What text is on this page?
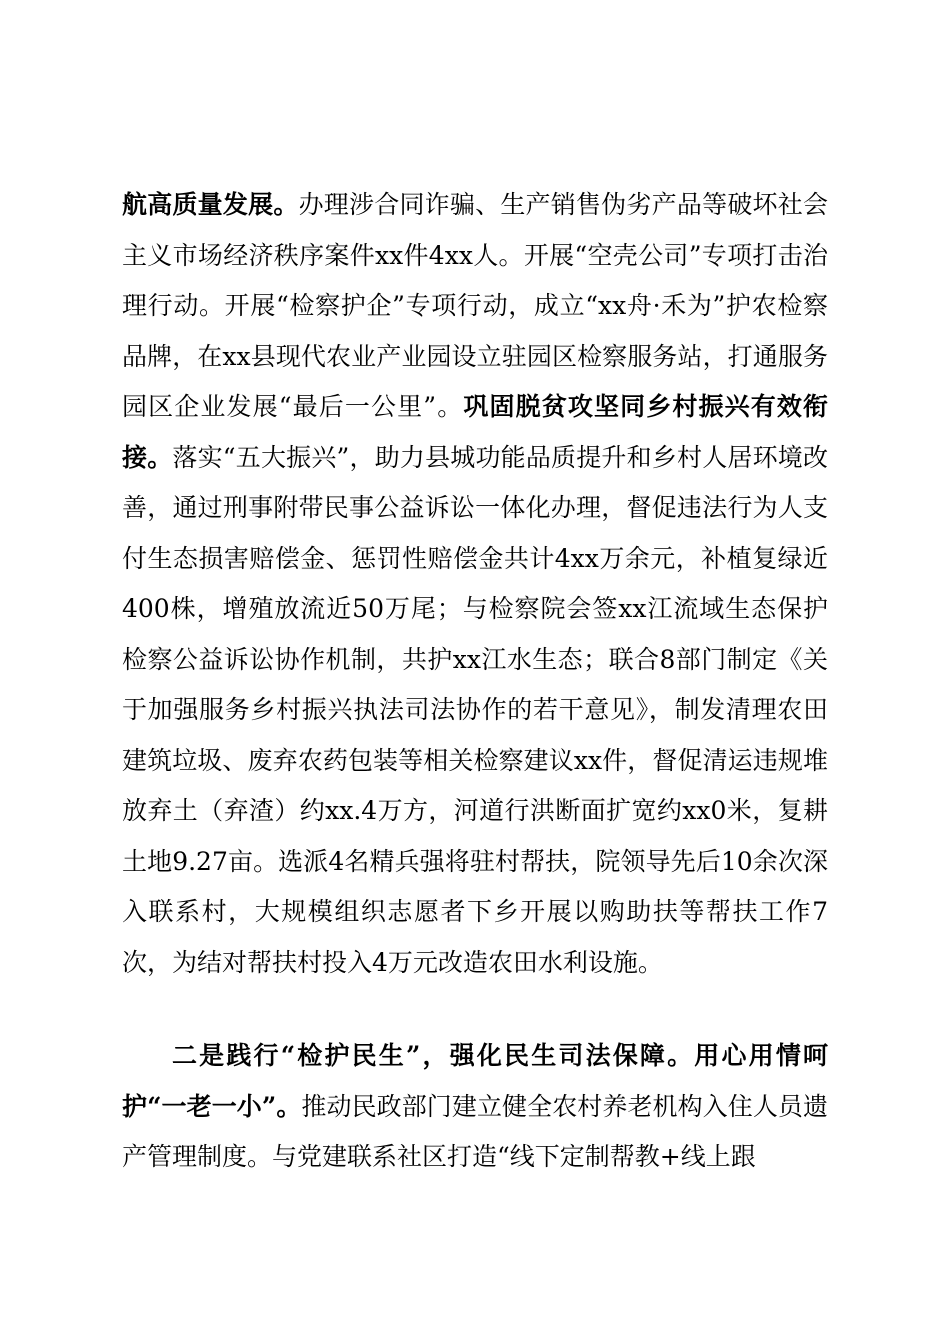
航高质量发展。办理涉合同诈骗、生产销售伪劣产品等破坏社会主义市场经济秩序案件xx件4xx人。开展“空壳公司”专项打击治理行动。开展“检察护企”专项行动，成立“xx舟·禾为”护农检察品牌，在xx县现代农业产业园设立驻园区检察服务站，打通服务园区企业发展“最后一公里”。巩固脱贫攻坚同乡村振兴有效衔接。落实“五大振兴”，助力县城功能品质提升和乡村人居环境改善，通过刑事附带民事公益诉讼一体化办理，督促违法行为人支付生态损害赔偿金、惩罚性赔偿金共计4xx万余元，补植复绿近400株，增殖放流近50万尾；与检察院会签xx江流域生态保护检察公益诉讼协作机制，共护xx江水生态；联合8部门制定《关于加强服务乡村振兴执法司法协作的若干意见》，制发清理农田建筑垃圾、废弃农药包装等相关检察建议xx件，督促清运违规堆放弃土（弃渣）约xx.4万方，河道行洪断面扩宽约xx0米，复耕土地9.27亩。选派4名精兵强将驻村帮扶，院领导先后10余次深入联系村，大规模组织志愿者下乡开展以购助扶等帮扶工作7次，为结对帮扶村投入4万元改造农田水利设施。

二是践行“检护民生”，强化民生司法保障。用心用情呵护“一老一小”。推动民政部门建立健全农村养老机构入住人员遗产管理制度。与党建联系社区打造“线下定制帮教+线上跟
